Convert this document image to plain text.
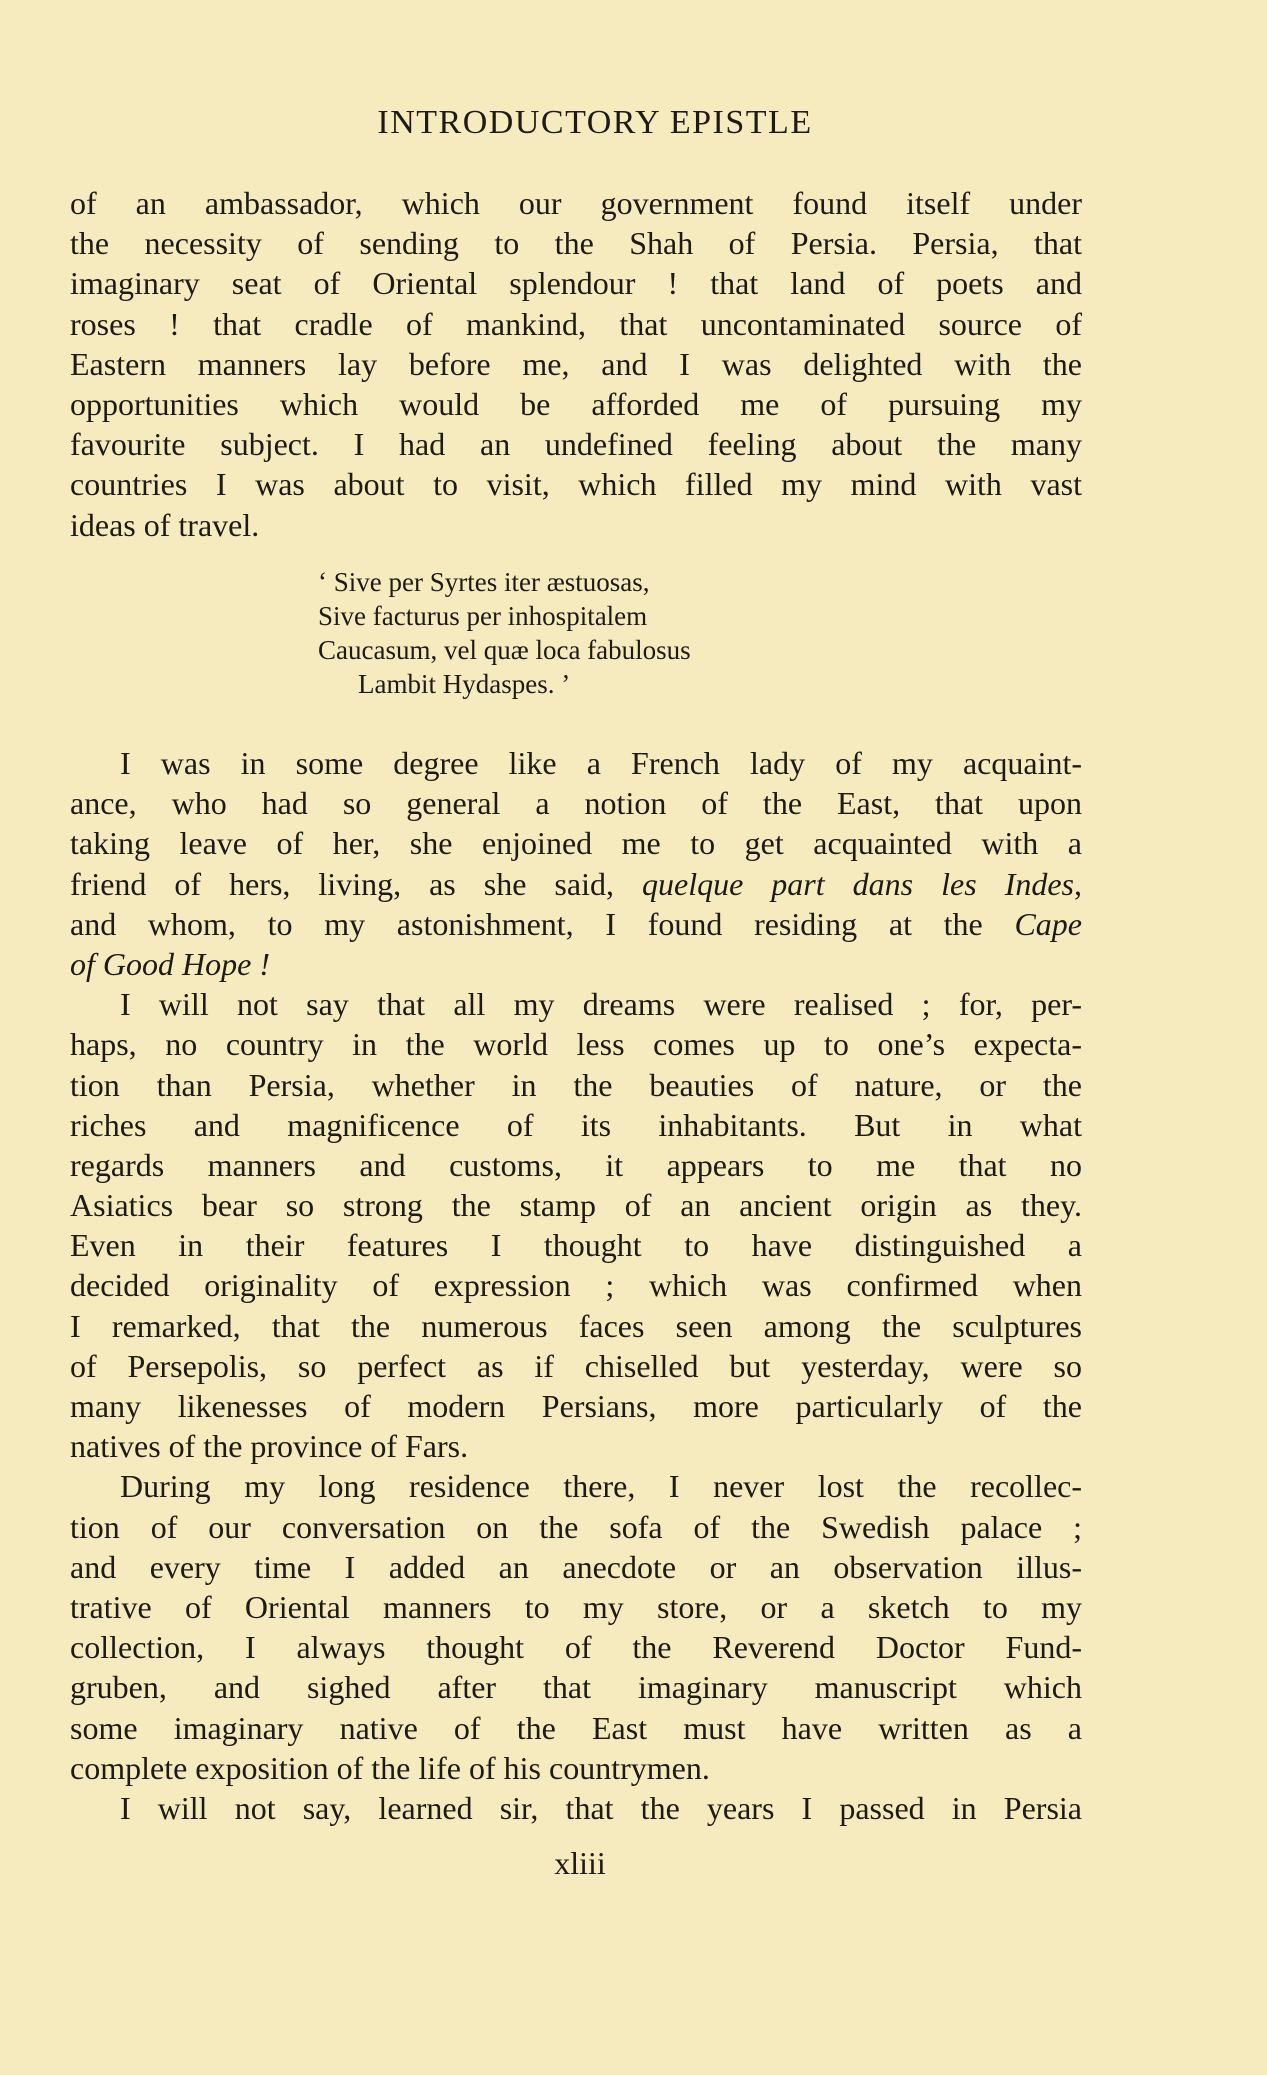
INTRODUCTORY EPISTLE
of an ambassador, which our government found itself under
the necessity of sending to the Shah of Persia. Persia, that
imaginary seat of Oriental splendour ! that land of poets and
roses ! that cradle of mankind, that uncontaminated source of
Eastern manners lay before me, and I was delighted with the
opportunities which would be afforded me of pursuing my
favourite subject. I had an undefined feeling about the many
countries I was about to visit, which filled my mind with vast
ideas of travel.
‘ Sive per Syrtes iter æstuosas,
Sive facturus per inhospitalem
Caucasum, vel quæ loca fabulosus
Lambit Hydaspes. ’
I was in some degree like a French lady of my acquaint-
ance, who had so general a notion of the East, that upon
taking leave of her, she enjoined me to get acquainted with a
friend of hers, living, as she said, quelque part dans les Indes,
and whom, to my astonishment, I found residing at the Cape
of Good Hope !
I will not say that all my dreams were realised ; for, per-
haps, no country in the world less comes up to one’s expecta-
tion than Persia, whether in the beauties of nature, or the
riches and magnificence of its inhabitants. But in what
regards manners and customs, it appears to me that no
Asiatics bear so strong the stamp of an ancient origin as they.
Even in their features I thought to have distinguished a
decided originality of expression ; which was confirmed when
I remarked, that the numerous faces seen among the sculptures
of Persepolis, so perfect as if chiselled but yesterday, were so
many likenesses of modern Persians, more particularly of the
natives of the province of Fars.
During my long residence there, I never lost the recollec-
tion of our conversation on the sofa of the Swedish palace ;
and every time I added an anecdote or an observation illus-
trative of Oriental manners to my store, or a sketch to my
collection, I always thought of the Reverend Doctor Fund-
gruben, and sighed after that imaginary manuscript which
some imaginary native of the East must have written as a
complete exposition of the life of his countrymen.
I will not say, learned sir, that the years I passed in Persia
xliii
